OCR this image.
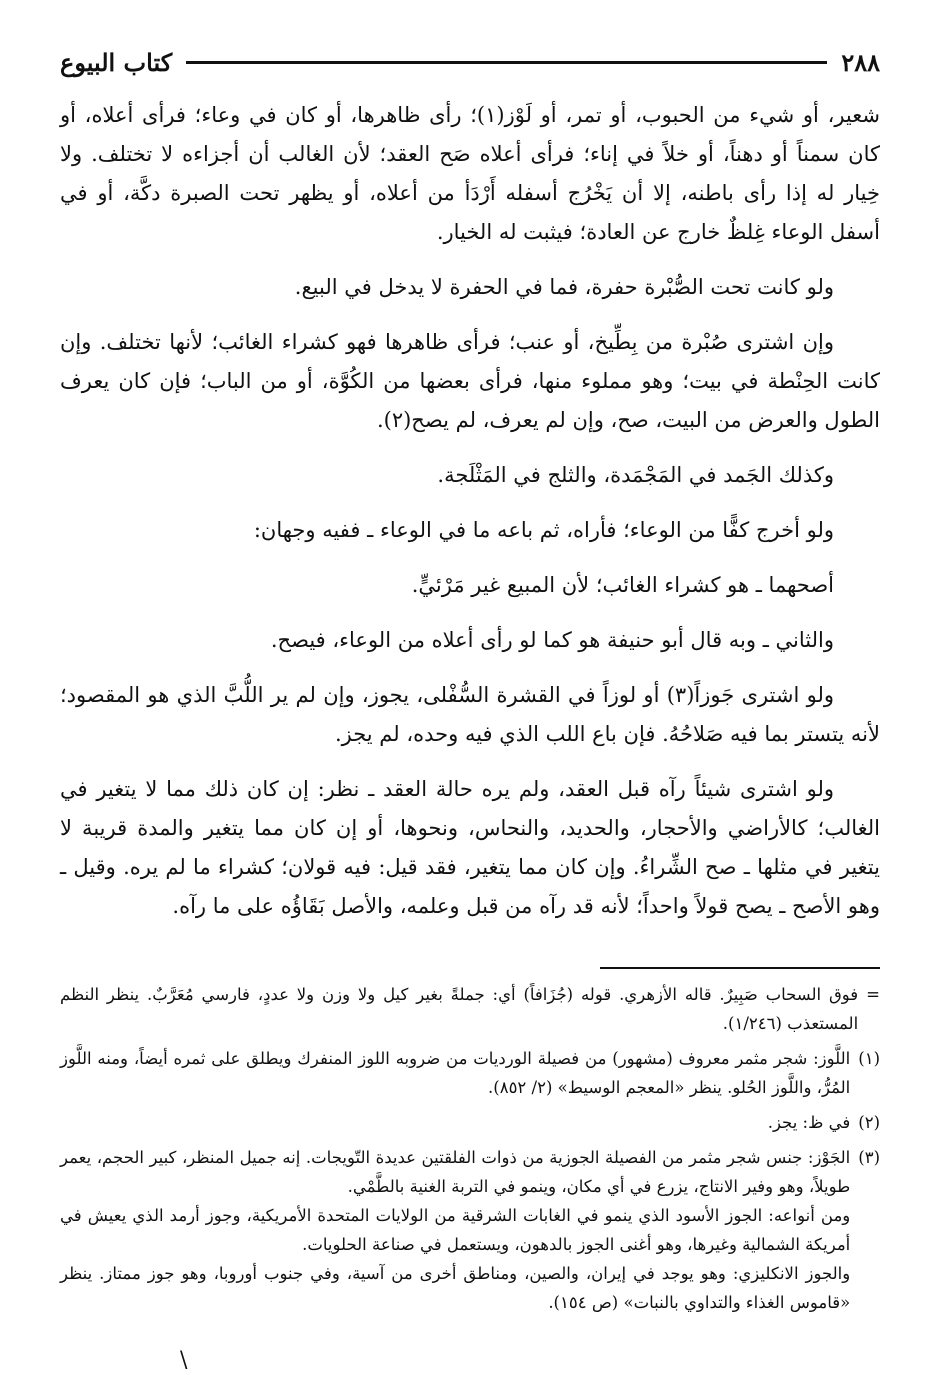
٢٨٨
كتاب البيوع

شعير، أو شيء من الحبوب، أو تمر، أو لَوْز(١)؛ رأى ظاهرها، أو كان في وعاء؛ فرأى أعلاه، أو كان سمناً أو دهناً، أو خلاً في إناء؛ فرأى أعلاه صَح العقد؛ لأن الغالب أن أجزاءه لا تختلف. ولا خِيار له إذا رأى باطنه، إلا أن يَخْرُج أسفله أَرْدَأ من أعلاه، أو يظهر تحت الصبرة دكَّة، أو في أسفل الوعاء غِلظٌ خارج عن العادة؛ فيثبت له الخيار.

ولو كانت تحت الصُّبْرة حفرة، فما في الحفرة لا يدخل في البيع.

وإن اشترى صُبْرة من بِطِّيخ، أو عنب؛ فرأى ظاهرها فهو كشراء الغائب؛ لأنها تختلف. وإن كانت الحِنْطة في بيت؛ وهو مملوء منها، فرأى بعضها من الكُوَّة، أو من الباب؛ فإن كان يعرف الطول والعرض من البيت، صح، وإن لم يعرف، لم يصح(٢).

وكذلك الجَمد في المَجْمَدة، والثلج في المَثْلَجة.

ولو أخرج كفًّا من الوعاء؛ فأراه، ثم باعه ما في الوعاء ـ ففيه وجهان:

أصحهما ـ هو كشراء الغائب؛ لأن المبيع غير مَرْئيٍّ.

والثاني ـ وبه قال أبو حنيفة هو كما لو رأى أعلاه من الوعاء، فيصح.

ولو اشترى جَوزاً(٣) أو لوزاً في القشرة السُّفْلى، يجوز، وإن لم ير اللُّبَّ الذي هو المقصود؛ لأنه يتستر بما فيه صَلاحُهُ. فإن باع اللب الذي فيه وحده، لم يجز.

ولو اشترى شيئاً رآه قبل العقد، ولم يره حالة العقد ـ نظر: إن كان ذلك مما لا يتغير في الغالب؛ كالأراضي والأحجار، والحديد، والنحاس، ونحوها، أو إن كان مما يتغير والمدة قريبة لا يتغير في مثلها ـ صح الشِّراءُ. وإن كان مما يتغير، فقد قيل: فيه قولان؛ كشراء ما لم يره. وقيل ـ وهو الأصح ـ يصح قولاً واحداً؛ لأنه قد رآه من قبل وعلمه، والأصل بَقَاؤُه على ما رآه.

=
فوق السحاب صَبِيرٌ. قاله الأزهري. قوله (جُزَافاً) أي: جملةً بغير كيل ولا وزن ولا عددٍ، فارسي مُعَرَّبٌ. ينظر النظم المستعذب (١/٢٤٦).
(١)
اللَّوز: شجر مثمر معروف (مشهور) من فصيلة الورديات من ضروبه اللوز المنفرك ويطلق على ثمره أيضاً، ومنه اللَّوز المُرُّ، واللَّوز الحُلو. ينظر «المعجم الوسيط» (٢/ ٨٥٢).
(٢)
في ظ: يجز.
(٣)
الجَوْز: جنس شجر مثمر من الفصيلة الجوزية من ذوات الفلقتين عديدة التّويجات. إنه جميل المنظر، كبير الحجم، يعمر طويلاً، وهو وفير الانتاج، يزرع في أي مكان، وينمو في التربة الغنية بالطَّمْي.
ومن أنواعه: الجوز الأسود الذي ينمو في الغابات الشرقية من الولايات المتحدة الأمريكية، وجوز أرمد الذي يعيش في أمريكة الشمالية وغيرها، وهو أغنى الجوز بالدهون، ويستعمل في صناعة الحلويات.
والجوز الانكليزي: وهو يوجد في إيران، والصين، ومناطق أخرى من آسية، وفي جنوب أوروبا، وهو جوز ممتاز. ينظر «قاموس الغذاء والتداوي بالنبات» (ص ١٥٤).
\
